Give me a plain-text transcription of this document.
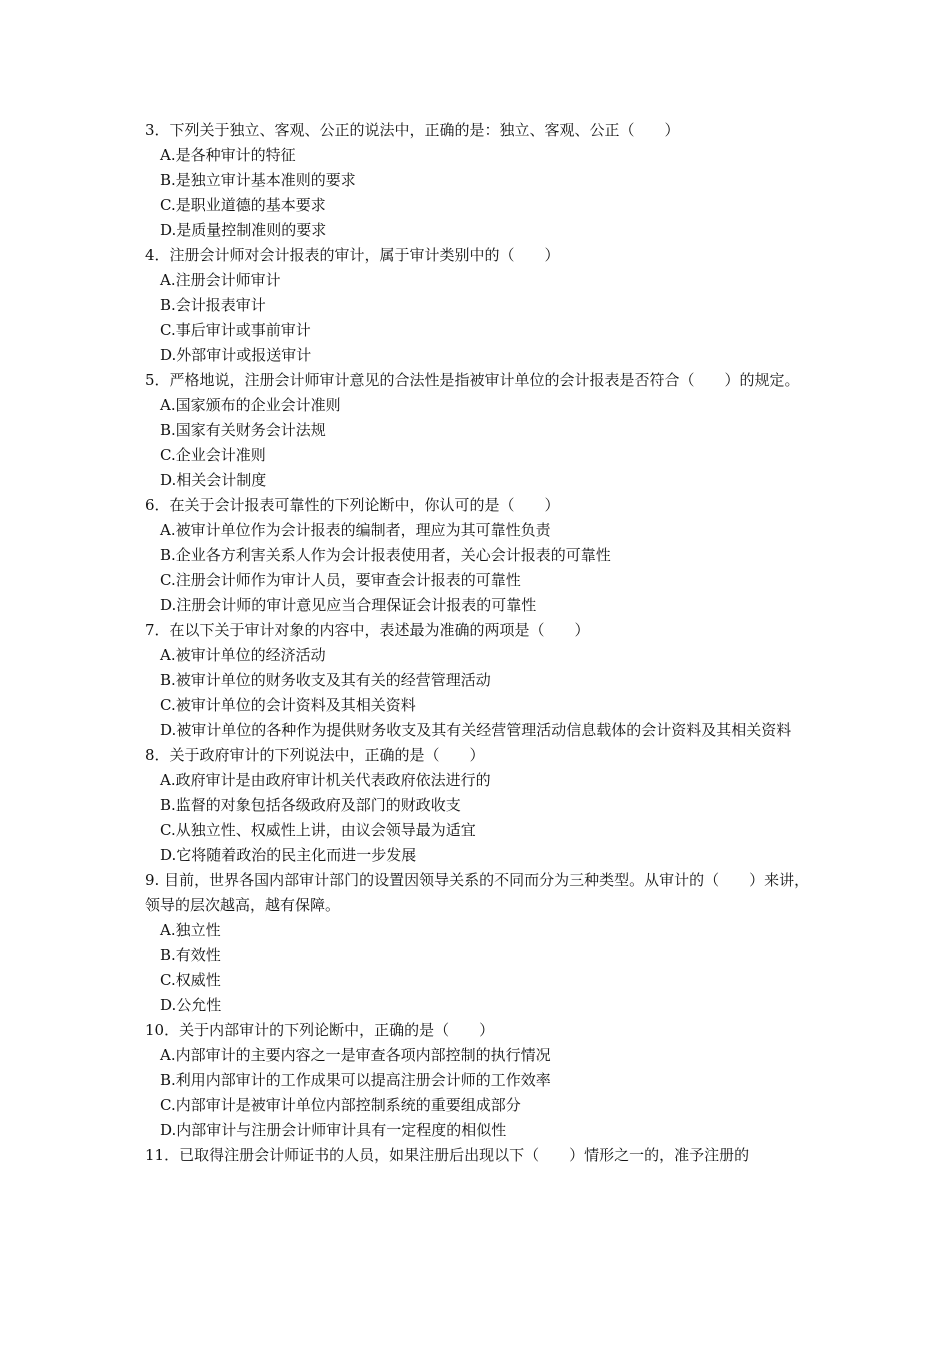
3．下列关于独立、客观、公正的说法中，正确的是：独立、客观、公正（　　）
A.是各种审计的特征
B.是独立审计基本准则的要求
C.是职业道德的基本要求
D.是质量控制准则的要求
4．注册会计师对会计报表的审计，属于审计类别中的（　　）
A.注册会计师审计
B.会计报表审计
C.事后审计或事前审计
D.外部审计或报送审计
5．严格地说，注册会计师审计意见的合法性是指被审计单位的会计报表是否符合（　　）的规定。
A.国家颁布的企业会计准则
B.国家有关财务会计法规
C.企业会计准则
D.相关会计制度
6．在关于会计报表可靠性的下列论断中，你认可的是（　　）
A.被审计单位作为会计报表的编制者，理应为其可靠性负责
B.企业各方利害关系人作为会计报表使用者，关心会计报表的可靠性
C.注册会计师作为审计人员，要审查会计报表的可靠性
D.注册会计师的审计意见应当合理保证会计报表的可靠性
7．在以下关于审计对象的内容中，表述最为准确的两项是（　　）
A.被审计单位的经济活动
B.被审计单位的财务收支及其有关的经营管理活动
C.被审计单位的会计资料及其相关资料
D.被审计单位的各种作为提供财务收支及其有关经营管理活动信息载体的会计资料及其相关资料
8．关于政府审计的下列说法中，正确的是（　　）
A.政府审计是由政府审计机关代表政府依法进行的
B.监督的对象包括各级政府及部门的财政收支
C.从独立性、权威性上讲，由议会领导最为适宜
D.它将随着政治的民主化而进一步发展
9. 目前，世界各国内部审计部门的设置因领导关系的不同而分为三种类型。从审计的（　　）来讲，领导的层次越高，越有保障。
A.独立性
B.有效性
C.权威性
D.公允性
10．关于内部审计的下列论断中，正确的是（　　）
A.内部审计的主要内容之一是审查各项内部控制的执行情况
B.利用内部审计的工作成果可以提高注册会计师的工作效率
C.内部审计是被审计单位内部控制系统的重要组成部分
D.内部审计与注册会计师审计具有一定程度的相似性
11．已取得注册会计师证书的人员，如果注册后出现以下（　　）情形之一的，准予注册的
